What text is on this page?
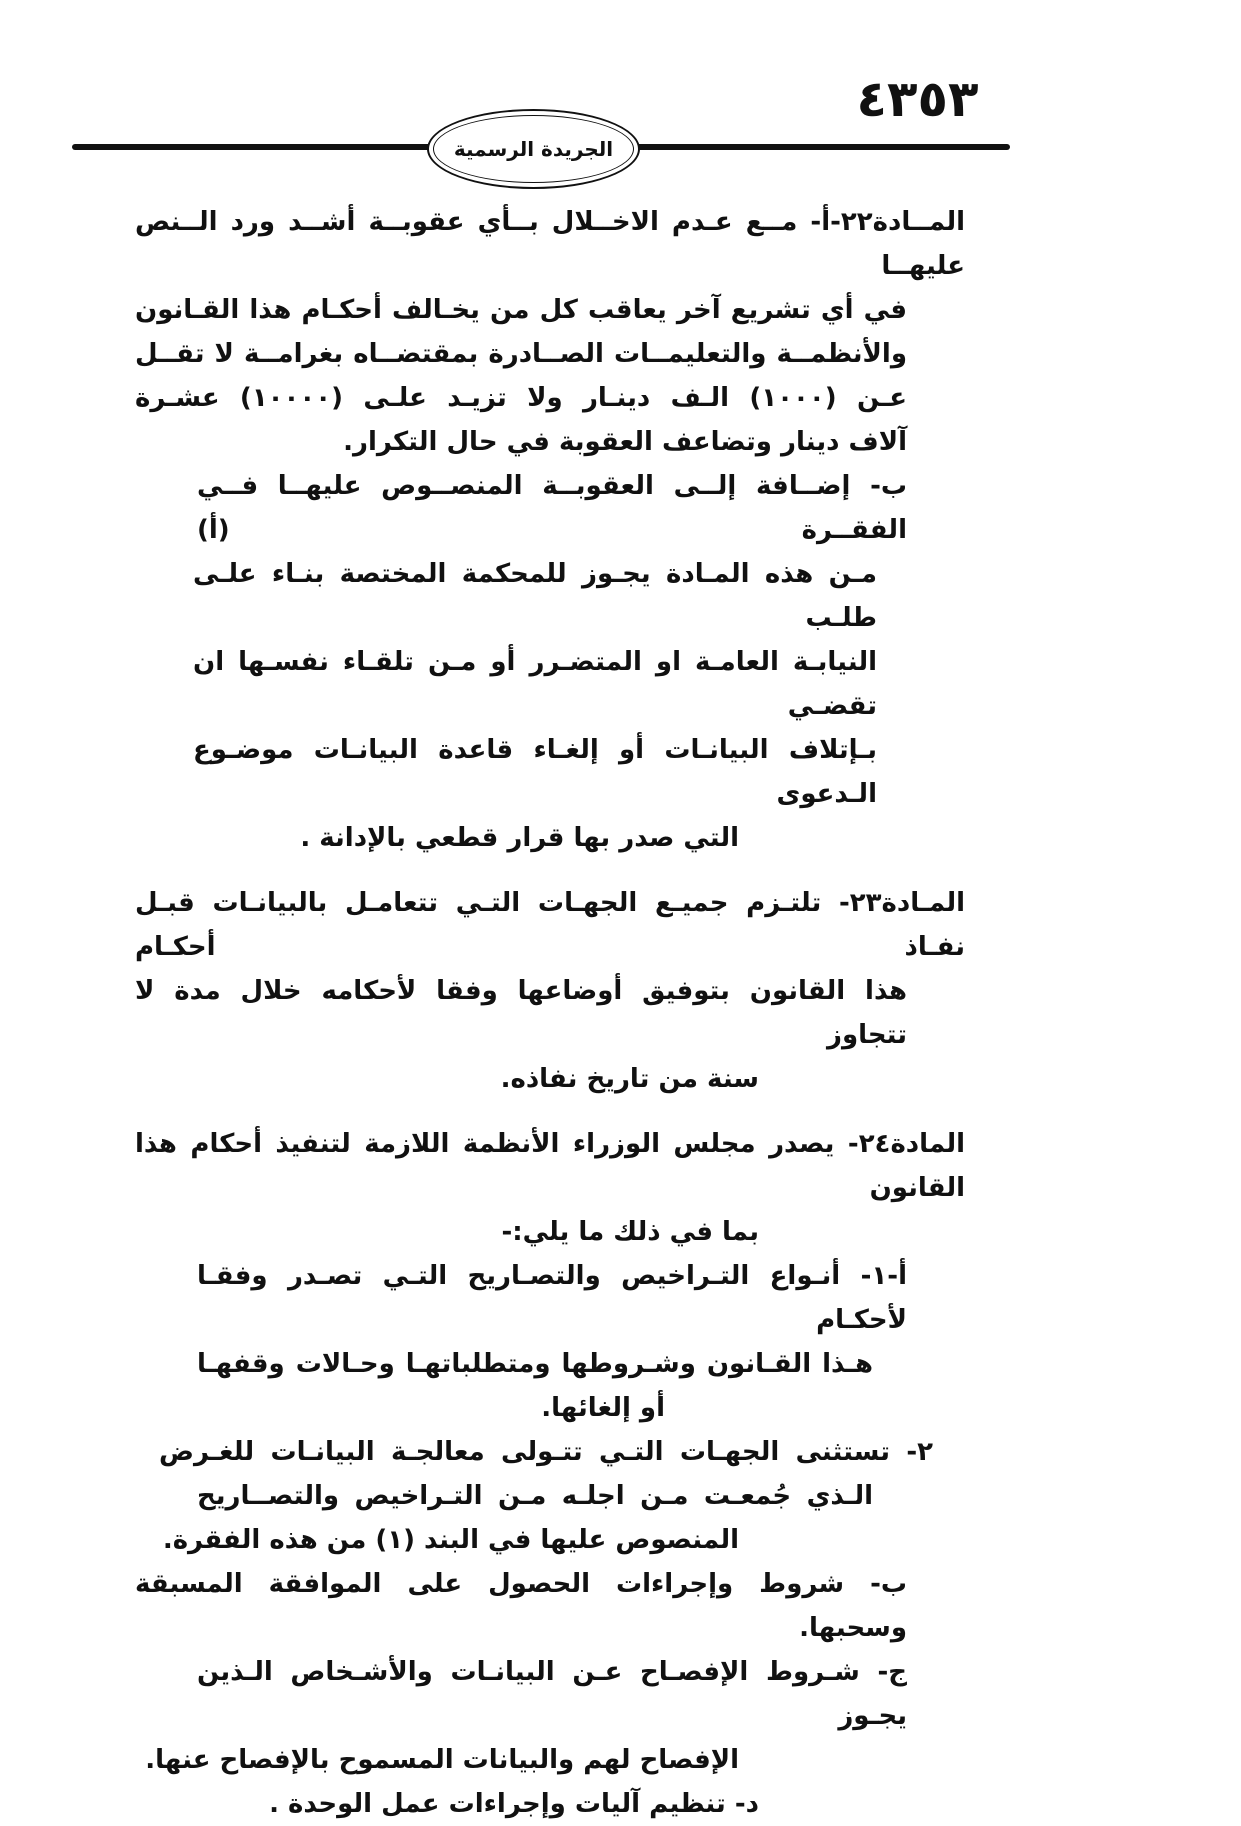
٤٣٥٣
الجريدة الرسمية
المــادة٢٢-أ- مــع عـدم الاخــلال بــأي عقوبــة أشــد ورد الــنص عليهــا
في أي تشريع آخر يعاقب كل من يخـالف أحكـام هذا القـانون
والأنظمــة والتعليمــات الصــادرة بمقتضــاه بغرامــة لا تقــل
عـن (١٠٠٠) الـف دينـار ولا تزيـد علـى (١٠٠٠٠) عشـرة
آلاف دينار وتضاعف العقوبة في حال التكرار.
ب- إضــافة إلــى العقوبــة المنصــوص عليهــا فــي الفقــرة (أ)
مـن هذه المـادة يجـوز للمحكمة المختصة بنـاء علـى طلـب
النيابـة العامـة او المتضـرر أو مـن تلقـاء نفسـها ان تقضـي
بـإتلاف البيانـات أو إلغـاء قاعدة البيانـات موضـوع الـدعوى
التي صدر بها قرار قطعي بالإدانة .
المـادة٢٣- تلتـزم جميـع الجهـات التـي تتعامـل بالبيانـات قبـل نفـاذ أحكـام
هذا القانون بتوفيق أوضاعها وفقا لأحكامه خلال مدة لا تتجاوز
سنة من تاريخ نفاذه.
المادة٢٤- يصدر مجلس الوزراء الأنظمة اللازمة لتنفيذ أحكام هذا القانون
بما في ذلك ما يلي:-
أ-١- أنـواع التـراخيص والتصـاريح التـي تصـدر وفقـا لأحكـام
هـذا القـانون وشـروطها ومتطلباتهـا وحـالات وقفهـا
أو إلغائها.
٢- تستثنى الجهـات التـي تتـولى معالجـة البيانـات للغـرض
الـذي جُمعـت مـن اجلـه مـن التـراخيص والتصــاريح
المنصوص عليها في البند (١) من هذه الفقرة.
ب- شروط وإجراءات الحصول على الموافقة المسبقة وسحبها.
ج- شـروط الإفصـاح عـن البيانـات والأشـخاص الـذين يجـوز
الإفصاح لهم والبيانات المسموح بالإفصاح عنها.
د- تنظيم آليات وإجراءات عمل الوحدة .
